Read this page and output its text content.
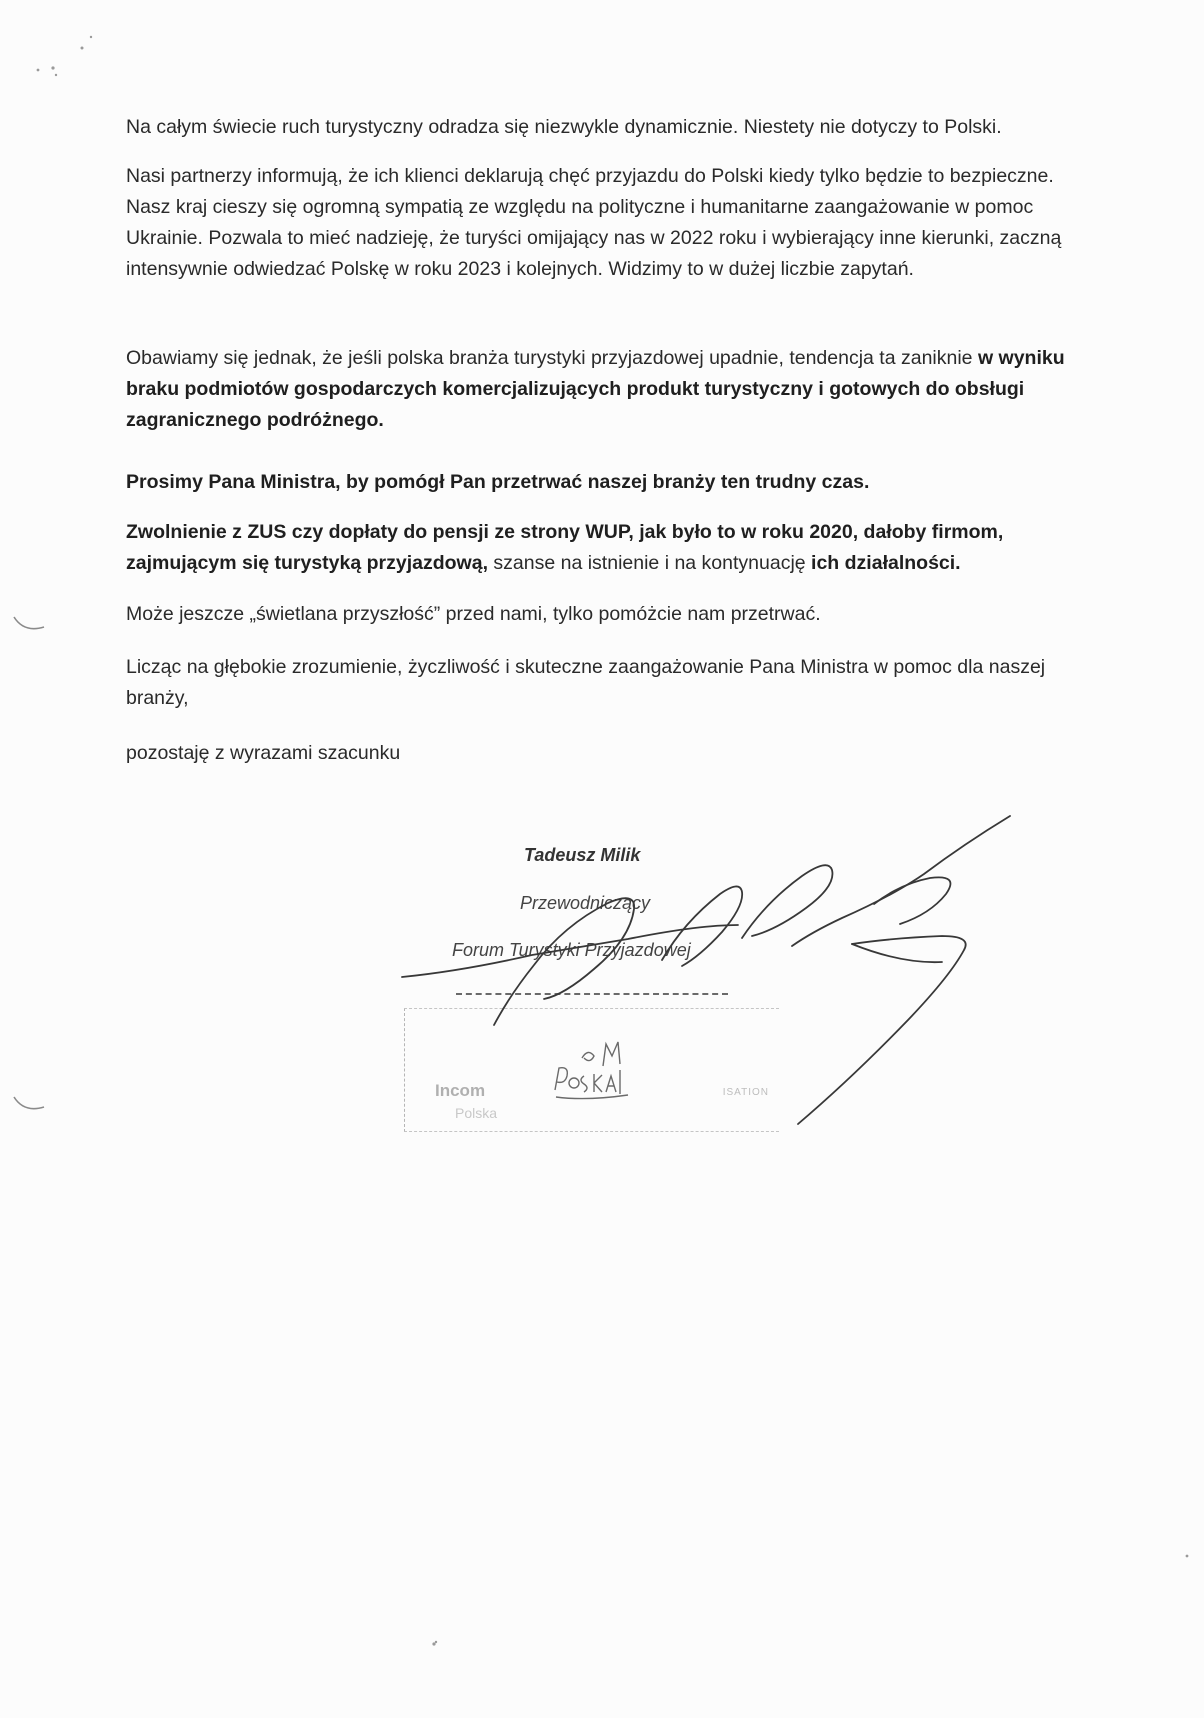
Na całym świecie ruch turystyczny odradza się niezwykle dynamicznie. Niestety nie dotyczy to Polski.

Nasi partnerzy informują, że ich klienci deklarują chęć przyjazdu do Polski kiedy tylko będzie to bezpieczne. Nasz kraj cieszy się ogromną sympatią ze względu na polityczne i humanitarne zaangażowanie w pomoc Ukrainie. Pozwala to mieć nadzieję, że turyści omijający nas w 2022 roku i wybierający inne kierunki, zaczną intensywnie odwiedzać Polskę w roku 2023 i kolejnych. Widzimy to w dużej liczbie zapytań.

Obawiamy się jednak, że jeśli polska branża turystyki przyjazdowej upadnie, tendencja ta zaniknie w wyniku braku podmiotów gospodarczych komercjalizujących produkt turystyczny i gotowych do obsługi zagranicznego podróżnego.

Prosimy Pana Ministra, by pomógł Pan przetrwać naszej branży ten trudny czas.

Zwolnienie z ZUS czy dopłaty do pensji ze strony WUP, jak było to w roku 2020, dałoby firmom, zajmującym się turystyką przyjazdową, szanse na istnienie i na kontynuację ich działalności.

Może jeszcze „świetlana przyszłość” przed nami, tylko pomóżcie nam przetrwać.

Licząc na głębokie zrozumienie, życzliwość i skuteczne zaangażowanie Pana Ministra w pomoc dla naszej branży,

pozostaję z wyrazami szacunku

Tadeusz Milik
Przewodniczący
Forum Turystyki Przyjazdowej
Incom
Polska
ISATION
